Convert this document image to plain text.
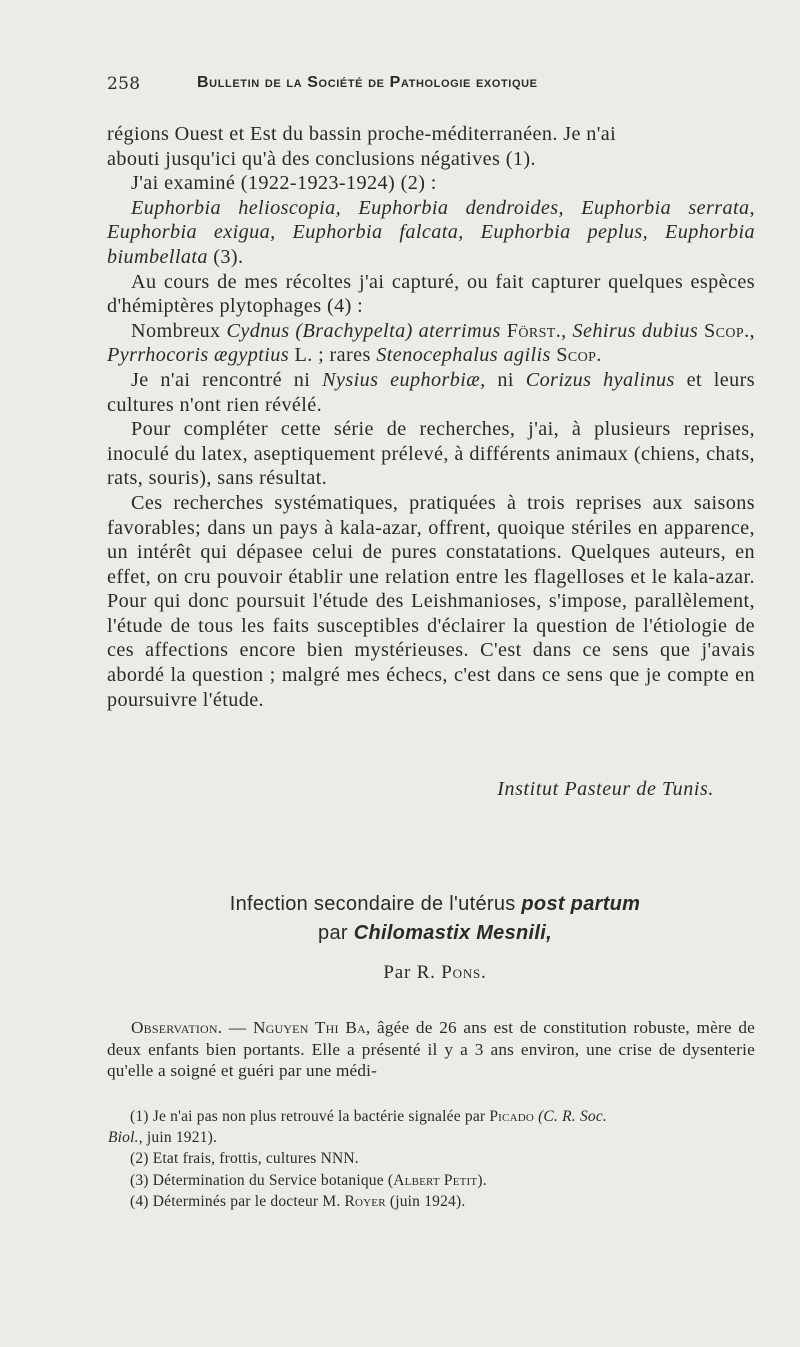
258	Bulletin de la Société de Pathologie exotique

régions Ouest et Est du bassin proche-méditerranéen. Je n'ai
abouti jusqu'ici qu'à des conclusions négatives (1).

J'ai examiné (1922-1923-1924) (2) :

Euphorbia helioscopia, Euphorbia dendroides, Euphorbia serrata, Euphorbia exigua, Euphorbia falcata, Euphorbia peplus, Euphorbia biumbellata (3).

Au cours de mes récoltes j'ai capturé, ou fait capturer quelques espèces d'hémiptères plytophages (4) :

Nombreux Cydnus (Brachypelta) aterrimus Först., Sehirus dubius Scop., Pyrrhocoris ægyptius L. ; rares Stenocephalus agilis Scop.

Je n'ai rencontré ni Nysius euphorbiæ, ni Corizus hyalinus et leurs cultures n'ont rien révélé.

Pour compléter cette série de recherches, j'ai, à plusieurs reprises, inoculé du latex, aseptiquement prélevé, à différents animaux (chiens, chats, rats, souris), sans résultat.

Ces recherches systématiques, pratiquées à trois reprises aux saisons favorables; dans un pays à kala-azar, offrent, quoique stériles en apparence, un intérêt qui dépasee celui de pures constatations. Quelques auteurs, en effet, on cru pouvoir établir une relation entre les flagelloses et le kala-azar. Pour qui donc poursuit l'étude des Leishmanioses, s'impose, parallèlement, l'étude de tous les faits susceptibles d'éclairer la question de l'étiologie de ces affections encore bien mystérieuses. C'est dans ce sens que j'avais abordé la question ; malgré mes échecs, c'est dans ce sens que je compte en poursuivre l'étude.

Institut Pasteur de Tunis.
Infection secondaire de l'utérus post partum
par Chilomastix Mesnili,
Par R. Pons.

Observation. — Nguyen Thi Ba, âgée de 26 ans est de constitution robuste, mère de deux enfants bien portants. Elle a présenté il y a 3 ans environ, une crise de dysenterie qu'elle a soigné et guéri par une médi-

(1) Je n'ai pas non plus retrouvé la bactérie signalée par Picado (C. R. Soc.

Biol., juin 1921).

(2) Etat frais, frottis, cultures NNN.

(3) Détermination du Service botanique (Albert Petit).

(4) Déterminés par le docteur M. Royer (juin 1924).
